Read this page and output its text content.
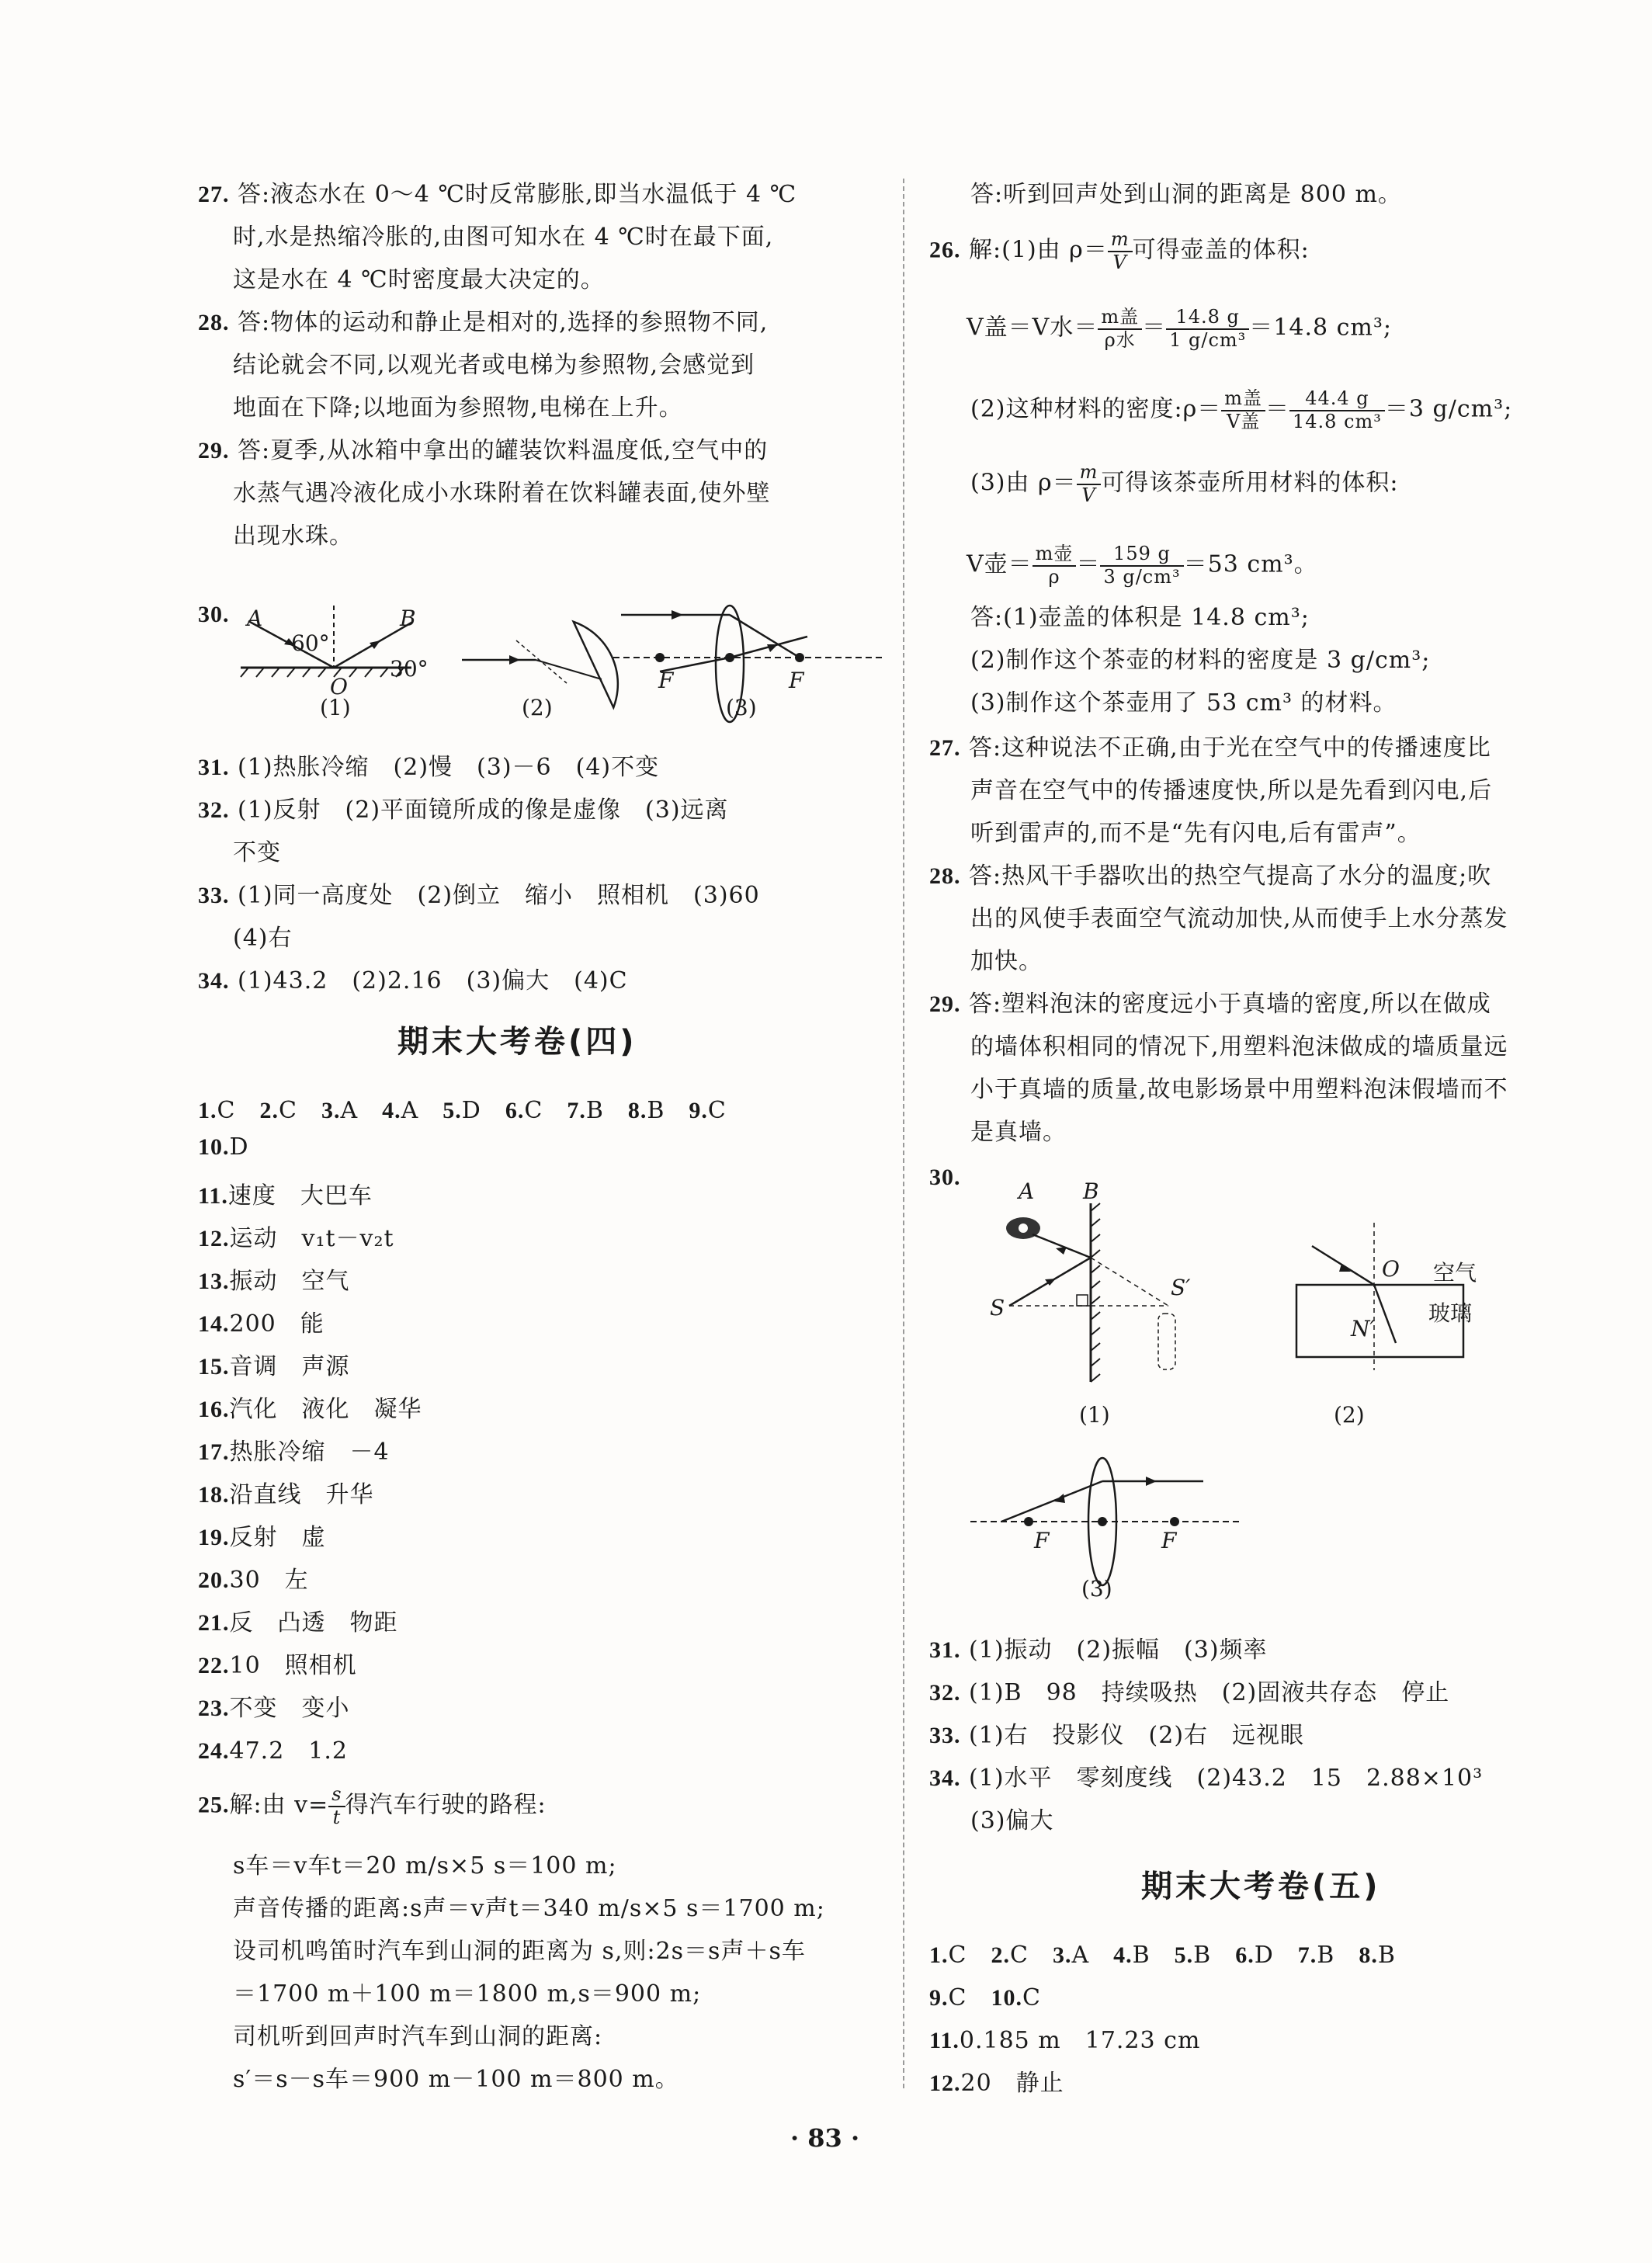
27. 答:液态水在 0～4 ℃时反常膨胀,即当水温低于 4 ℃
时,水是热缩冷胀的,由图可知水在 4 ℃时在最下面,
这是水在 4 ℃时密度最大决定的。
28. 答:物体的运动和静止是相对的,选择的参照物不同,
结论就会不同,以观光者或电梯为参照物,会感觉到
地面在下降;以地面为参照物,电梯在上升。
29. 答:夏季,从冰箱中拿出的罐装饮料温度低,空气中的
水蒸气遇冷液化成小水珠附着在饮料罐表面,使外壁
出现水珠。
30. A	B
60°
30°
O	F	F
(1)	(2)	(3)
31. (1)热胀冷缩　(2)慢　(3)－6　(4)不变
32. (1)反射　(2)平面镜所成的像是虚像　(3)远离
不变
33. (1)同一高度处　(2)倒立　缩小　照相机　(3)60
(4)右
34. (1)43.2　(2)2.16　(3)偏大　(4)C
期末大考卷(四)
1.C　 2.C　 3.A　 4.A　 5.D　 6.C　 7.B　 8.B　 9.C
10.D
11.速度　大巴车
12.运动　v₁t－v₂t
13.振动　空气
14.200　能
15.音调　声源
16.汽化　液化　凝华
17.热胀冷缩　－4
18.沿直线　升华
19.反射　虚
20.30　左
21.反　凸透　物距
22.10　照相机
23.不变　变小
24.47.2　1.2
25.解:由 $v= \frac{s}{t}$ 得汽车行驶的路程:
s车＝v车t＝20 m/s×5 s＝100 m;
声音传播的距离:s声＝v声t＝340 m/s×5 s＝1700 m;
设司机鸣笛时汽车到山洞的距离为 s,则:2s＝s声＋s车
＝1700 m＋100 m＝1800 m,s＝900 m;
司机听到回声时汽车到山洞的距离:
s′＝s－s车＝900 m－100 m＝800 m。
答:听到回声处到山洞的距离是 800 m。
26. 解:(1)由 $\rho= \frac{m}{V}$ 可得壶盖的体积:
V盖＝V水＝ $\frac{\text{m盖}}{\text{ρ水}} = \frac{14.8 g}{\text{1 g/cm³}} =14.8$ cm³;
(2)这种材料的密度:ρ＝ $\frac{\text{m盖}}{\text{V盖}} = \frac{44.4 g}{\text{14.8 cm³}} =3$ g/cm³;
(3)由 $\rho= \frac{m}{V}$ 可得该茶壶所用材料的体积:
V壶＝ $\frac{\text{m壶}}{\rho} = \frac{159 g}{\text{3 g/cm³}} =53$ cm³。
答:(1)壶盖的体积是 14.8 cm³;
(2)制作这个茶壶的材料的密度是 3 g/cm³;
(3)制作这个茶壶用了 53 cm³ 的材料。
27. 答:这种说法不正确,由于光在空气中的传播速度比
声音在空气中的传播速度快,所以是先看到闪电,后
听到雷声的,而不是“先有闪电,后有雷声”。
28. 答:热风干手器吹出的热空气提高了水分的温度;吹
出的风使手表面空气流动加快,从而使手上水分蒸发
加快。
29. 答:塑料泡沫的密度远小于真墙的密度,所以在做成
的墙体积相同的情况下,用塑料泡沫做成的墙质量远
小于真墙的质量,故电影场景中用塑料泡沫假墙而不
是真墙。
30.
A B
S
S′
O 空气
玻璃
N′
(1)	(2)
F	F
(3)
31. (1)振动　(2)振幅　(3)频率
32. (1)B　98　持续吸热　(2)固液共存态　停止
33. (1)右　投影仪　(2)右　远视眼
34. (1)水平　零刻度线　(2)43.2　15　2.88×10³
(3)偏大
期末大考卷(五)
1.C　 2.C　 3.A　 4.B　 5.B　 6.D　 7.B　 8.B
9.C　 10.C
11.0.185 m　17.23 cm
12.20　静止
· 83 ·
